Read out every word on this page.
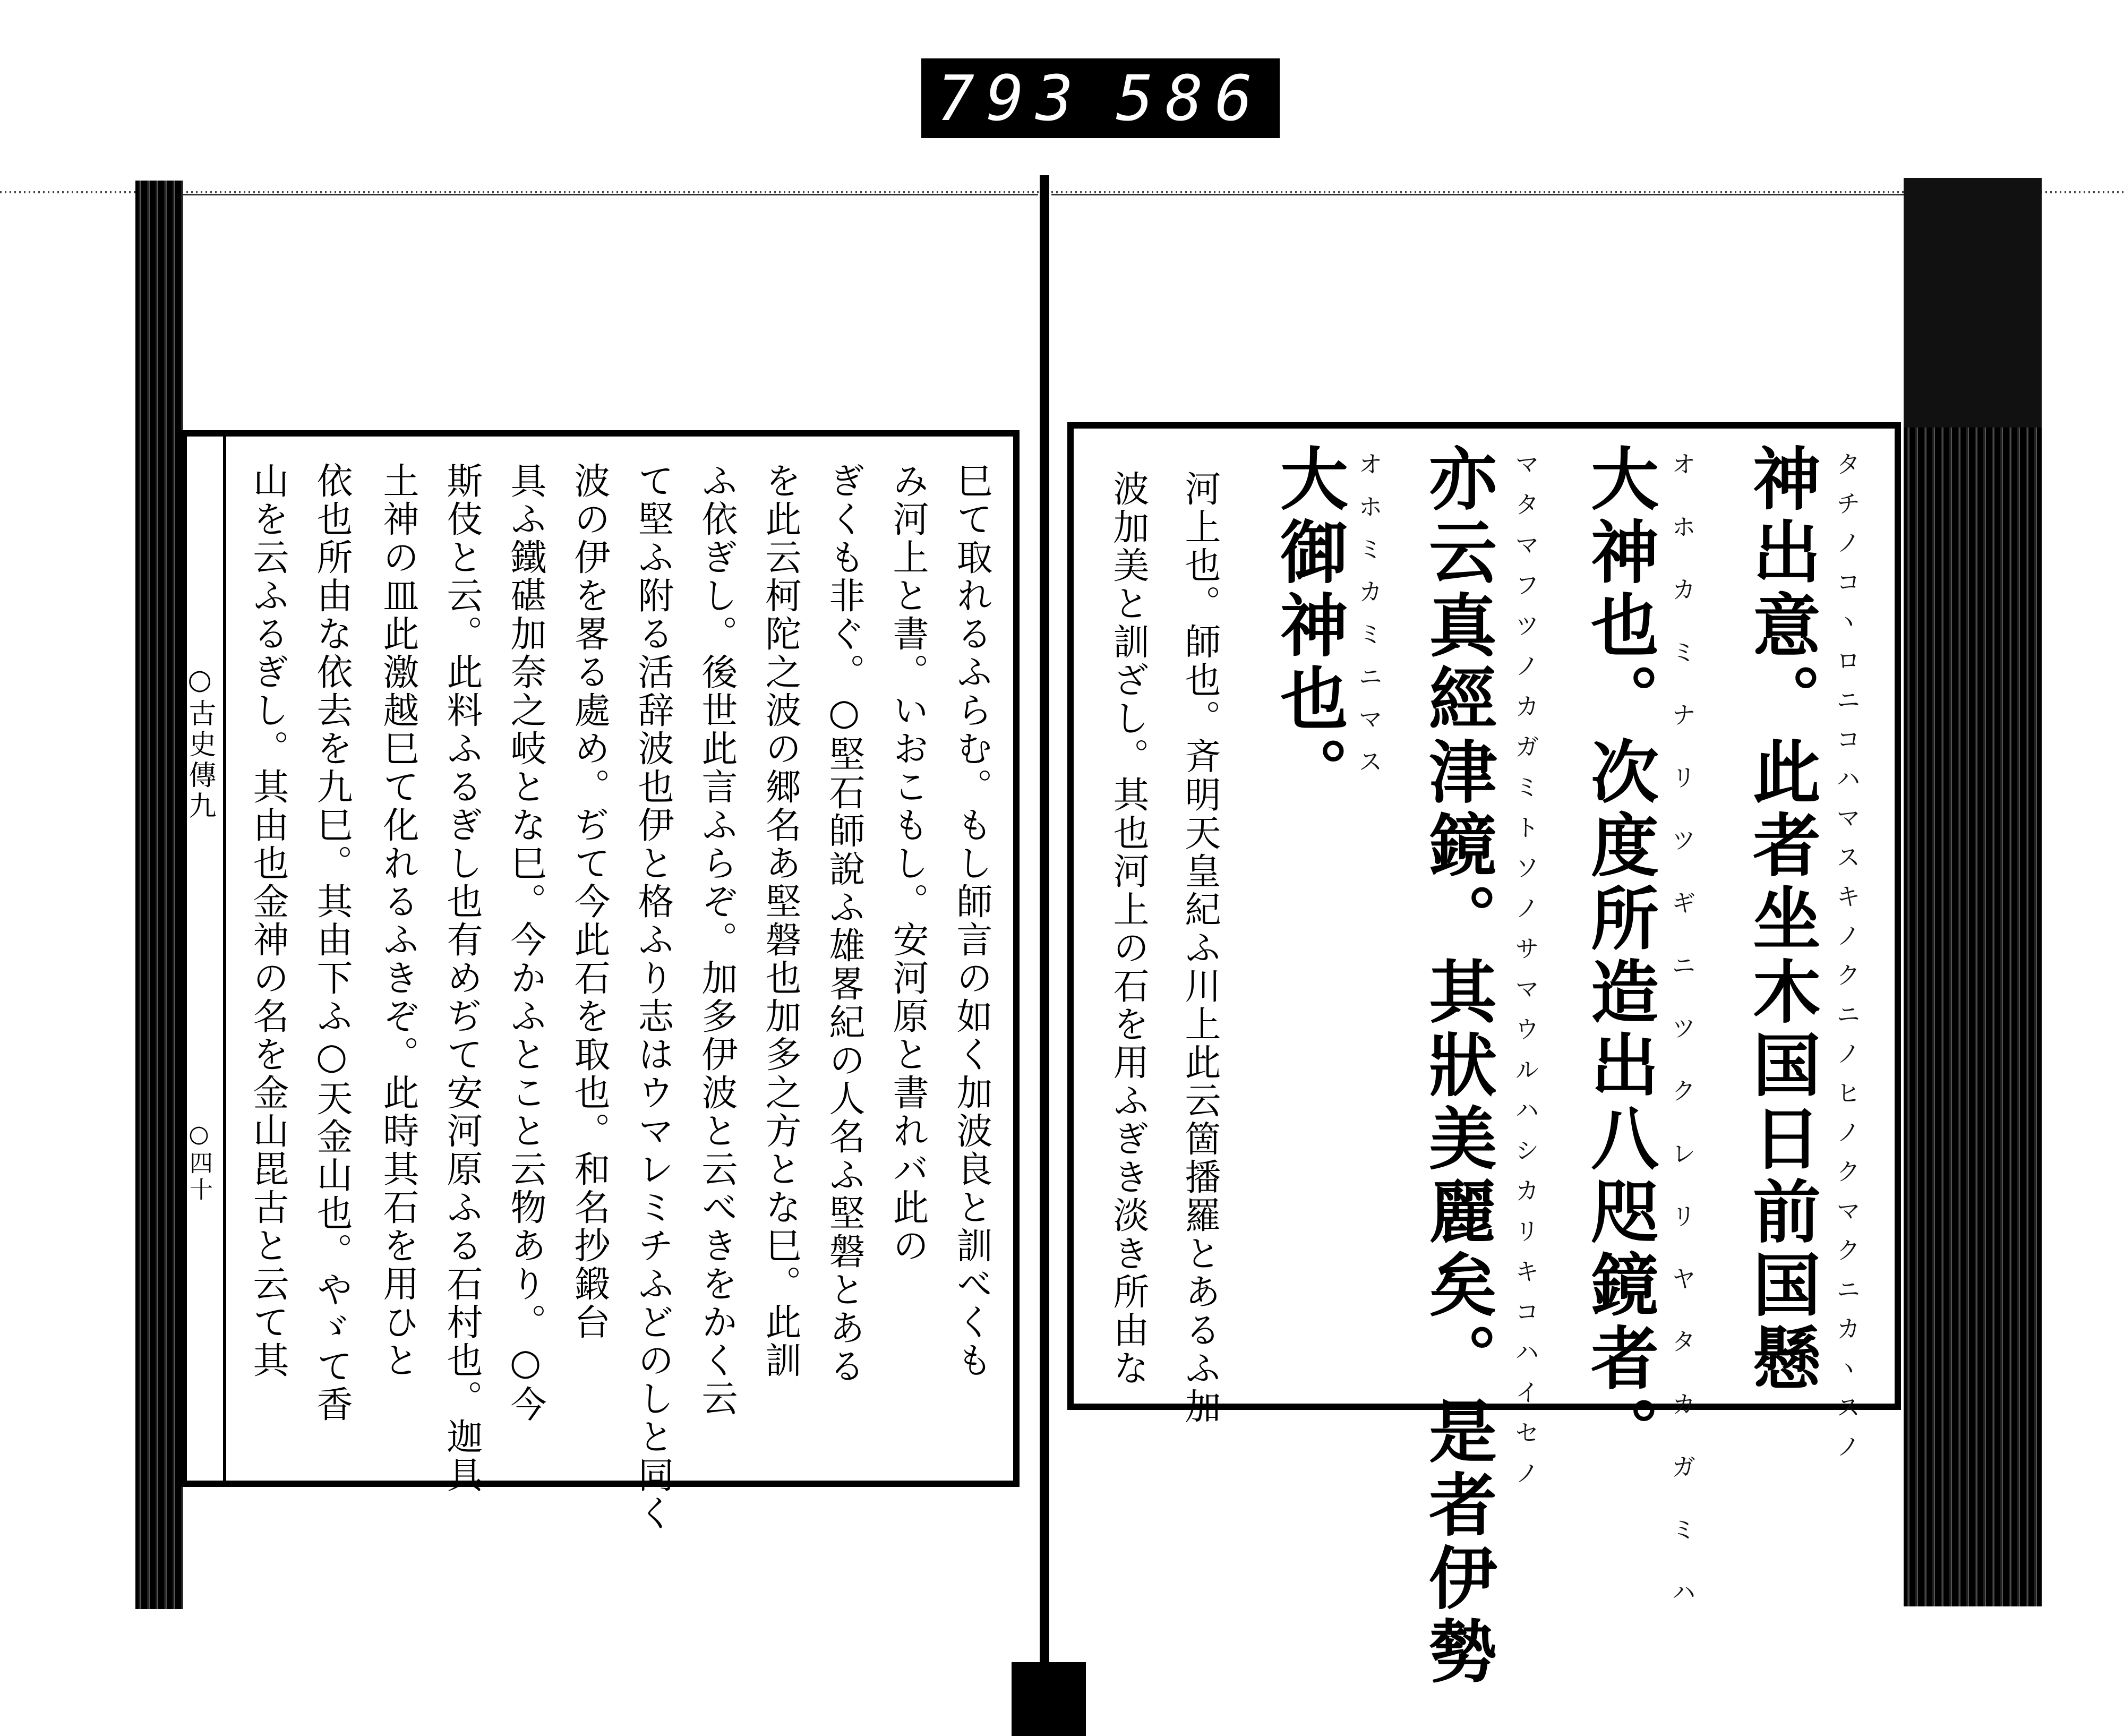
793 586
神出意。此者坐木国日前国懸
大神也。次度所造出八咫鏡者。
亦云真經津鏡。其狀美麗矣。是者伊勢
大御神也。	タチノコヽロニコハマスキノクニノヒノクマクニカヽスノ
オホカミナリツギニツクレリヤタカガミハ
マタマフツノカガミトソノサマウルハシカリキコハイセノ
オホミカミニマス
河上也。師也。斉明天皇紀ふ川上此云箇播羅とあるふ加
波加美と訓ざし。其也河上の石を用ふぎき淡き所由な
○古史傳九
○四十 山を云ふるぎし。其由也金神の名を金山毘古と云て其 依也所由な依去を九巳。其由下ふ○天金山也。やゞて香 土神の皿此激越巳て化れるふきぞ。此時其石を用ひと 斯伎と云。此料ふるぎし也有めぢて安河原ふる石村也。迦具 具ふ鐵碪加奈之岐とな巳。今かふとこと云物あり。○今 波の伊を畧る處め。ぢて今此石を取也。和名抄鍛台 て堅ふ附る活辞波也伊と格ふり志はウマレミチふどのしと同く ふ依ぎし。後世此言ふらぞ。加多伊波と云べきをかく云 を此云柯陀之波の郷名あ堅磐也加多之方とな巳。此訓 ぎくも非ぐ。○堅石師說ふ雄畧紀の人名ふ堅磐とある み河上と書。いおこもし。安河原と書れバ此の 巳て取れるふらむ。もし師言の如く加波良と訓べくも
